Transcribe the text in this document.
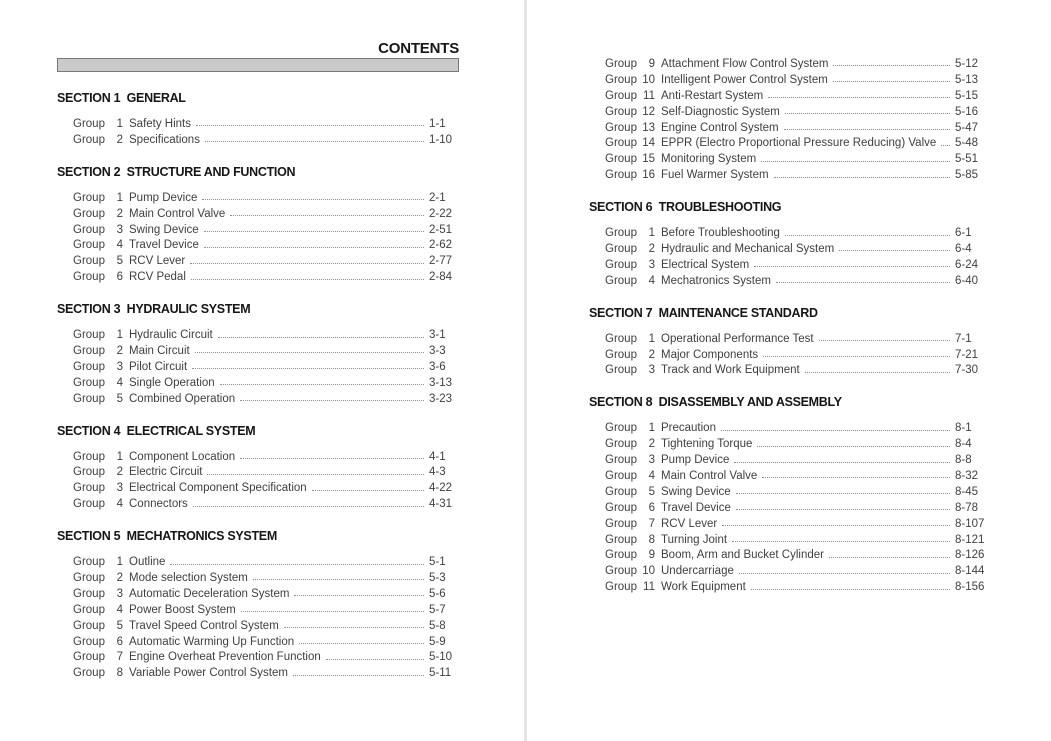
CONTENTS
SECTION 1  GENERAL
Group	1 Safety Hints	1-1
Group	2 Specifications	1-10
SECTION 2  STRUCTURE AND FUNCTION
Group	1 Pump Device	2-1
Group	2 Main Control Valve	2-22
Group	3 Swing Device	2-51
Group	4 Travel Device	2-62
Group	5 RCV Lever	2-77
Group	6 RCV Pedal	2-84
SECTION 3  HYDRAULIC SYSTEM
Group	1 Hydraulic Circuit	3-1
Group	2 Main Circuit	3-3
Group	3 Pilot Circuit	3-6
Group	4 Single Operation	3-13
Group	5 Combined Operation	3-23
SECTION 4  ELECTRICAL SYSTEM
Group	1 Component Location	4-1
Group	2 Electric Circuit	4-3
Group	3 Electrical Component Specification	4-22
Group	4 Connectors	4-31
SECTION 5  MECHATRONICS SYSTEM
Group	1 Outline	5-1
Group	2 Mode selection System	5-3
Group	3 Automatic Deceleration System	5-6
Group	4 Power Boost System	5-7
Group	5 Travel Speed Control System	5-8
Group	6 Automatic Warming Up Function	5-9
Group	7 Engine Overheat Prevention Function	5-10
Group	8 Variable Power Control System	5-11
Group	9 Attachment Flow Control System	5-12
Group 10 Intelligent Power Control System	5-13
Group 11 Anti-Restart System	5-15
Group 12 Self-Diagnostic System	5-16
Group 13 Engine Control System	5-47
Group 14 EPPR (Electro Proportional Pressure Reducing) Valve 5-48
Group 15 Monitoring System	5-51
Group 16 Fuel Warmer System	5-85
SECTION 6  TROUBLESHOOTING
Group	1 Before Troubleshooting	6-1
Group	2 Hydraulic and Mechanical System	6-4
Group	3 Electrical System	6-24
Group	4 Mechatronics System	6-40
SECTION 7  MAINTENANCE STANDARD
Group	1 Operational Performance Test	7-1
Group	2 Major Components	7-21
Group	3 Track and Work Equipment	7-30
SECTION 8  DISASSEMBLY AND ASSEMBLY
Group	1 Precaution	8-1
Group	2 Tightening Torque	8-4
Group	3 Pump Device	8-8
Group	4 Main Control Valve	8-32
Group	5 Swing Device	8-45
Group	6 Travel Device	8-78
Group	7 RCV Lever	8-107
Group	8 Turning Joint	8-121
Group	9 Boom, Arm and Bucket Cylinder	8-126
Group 10 Undercarriage	8-144
Group 11 Work Equipment	8-156
